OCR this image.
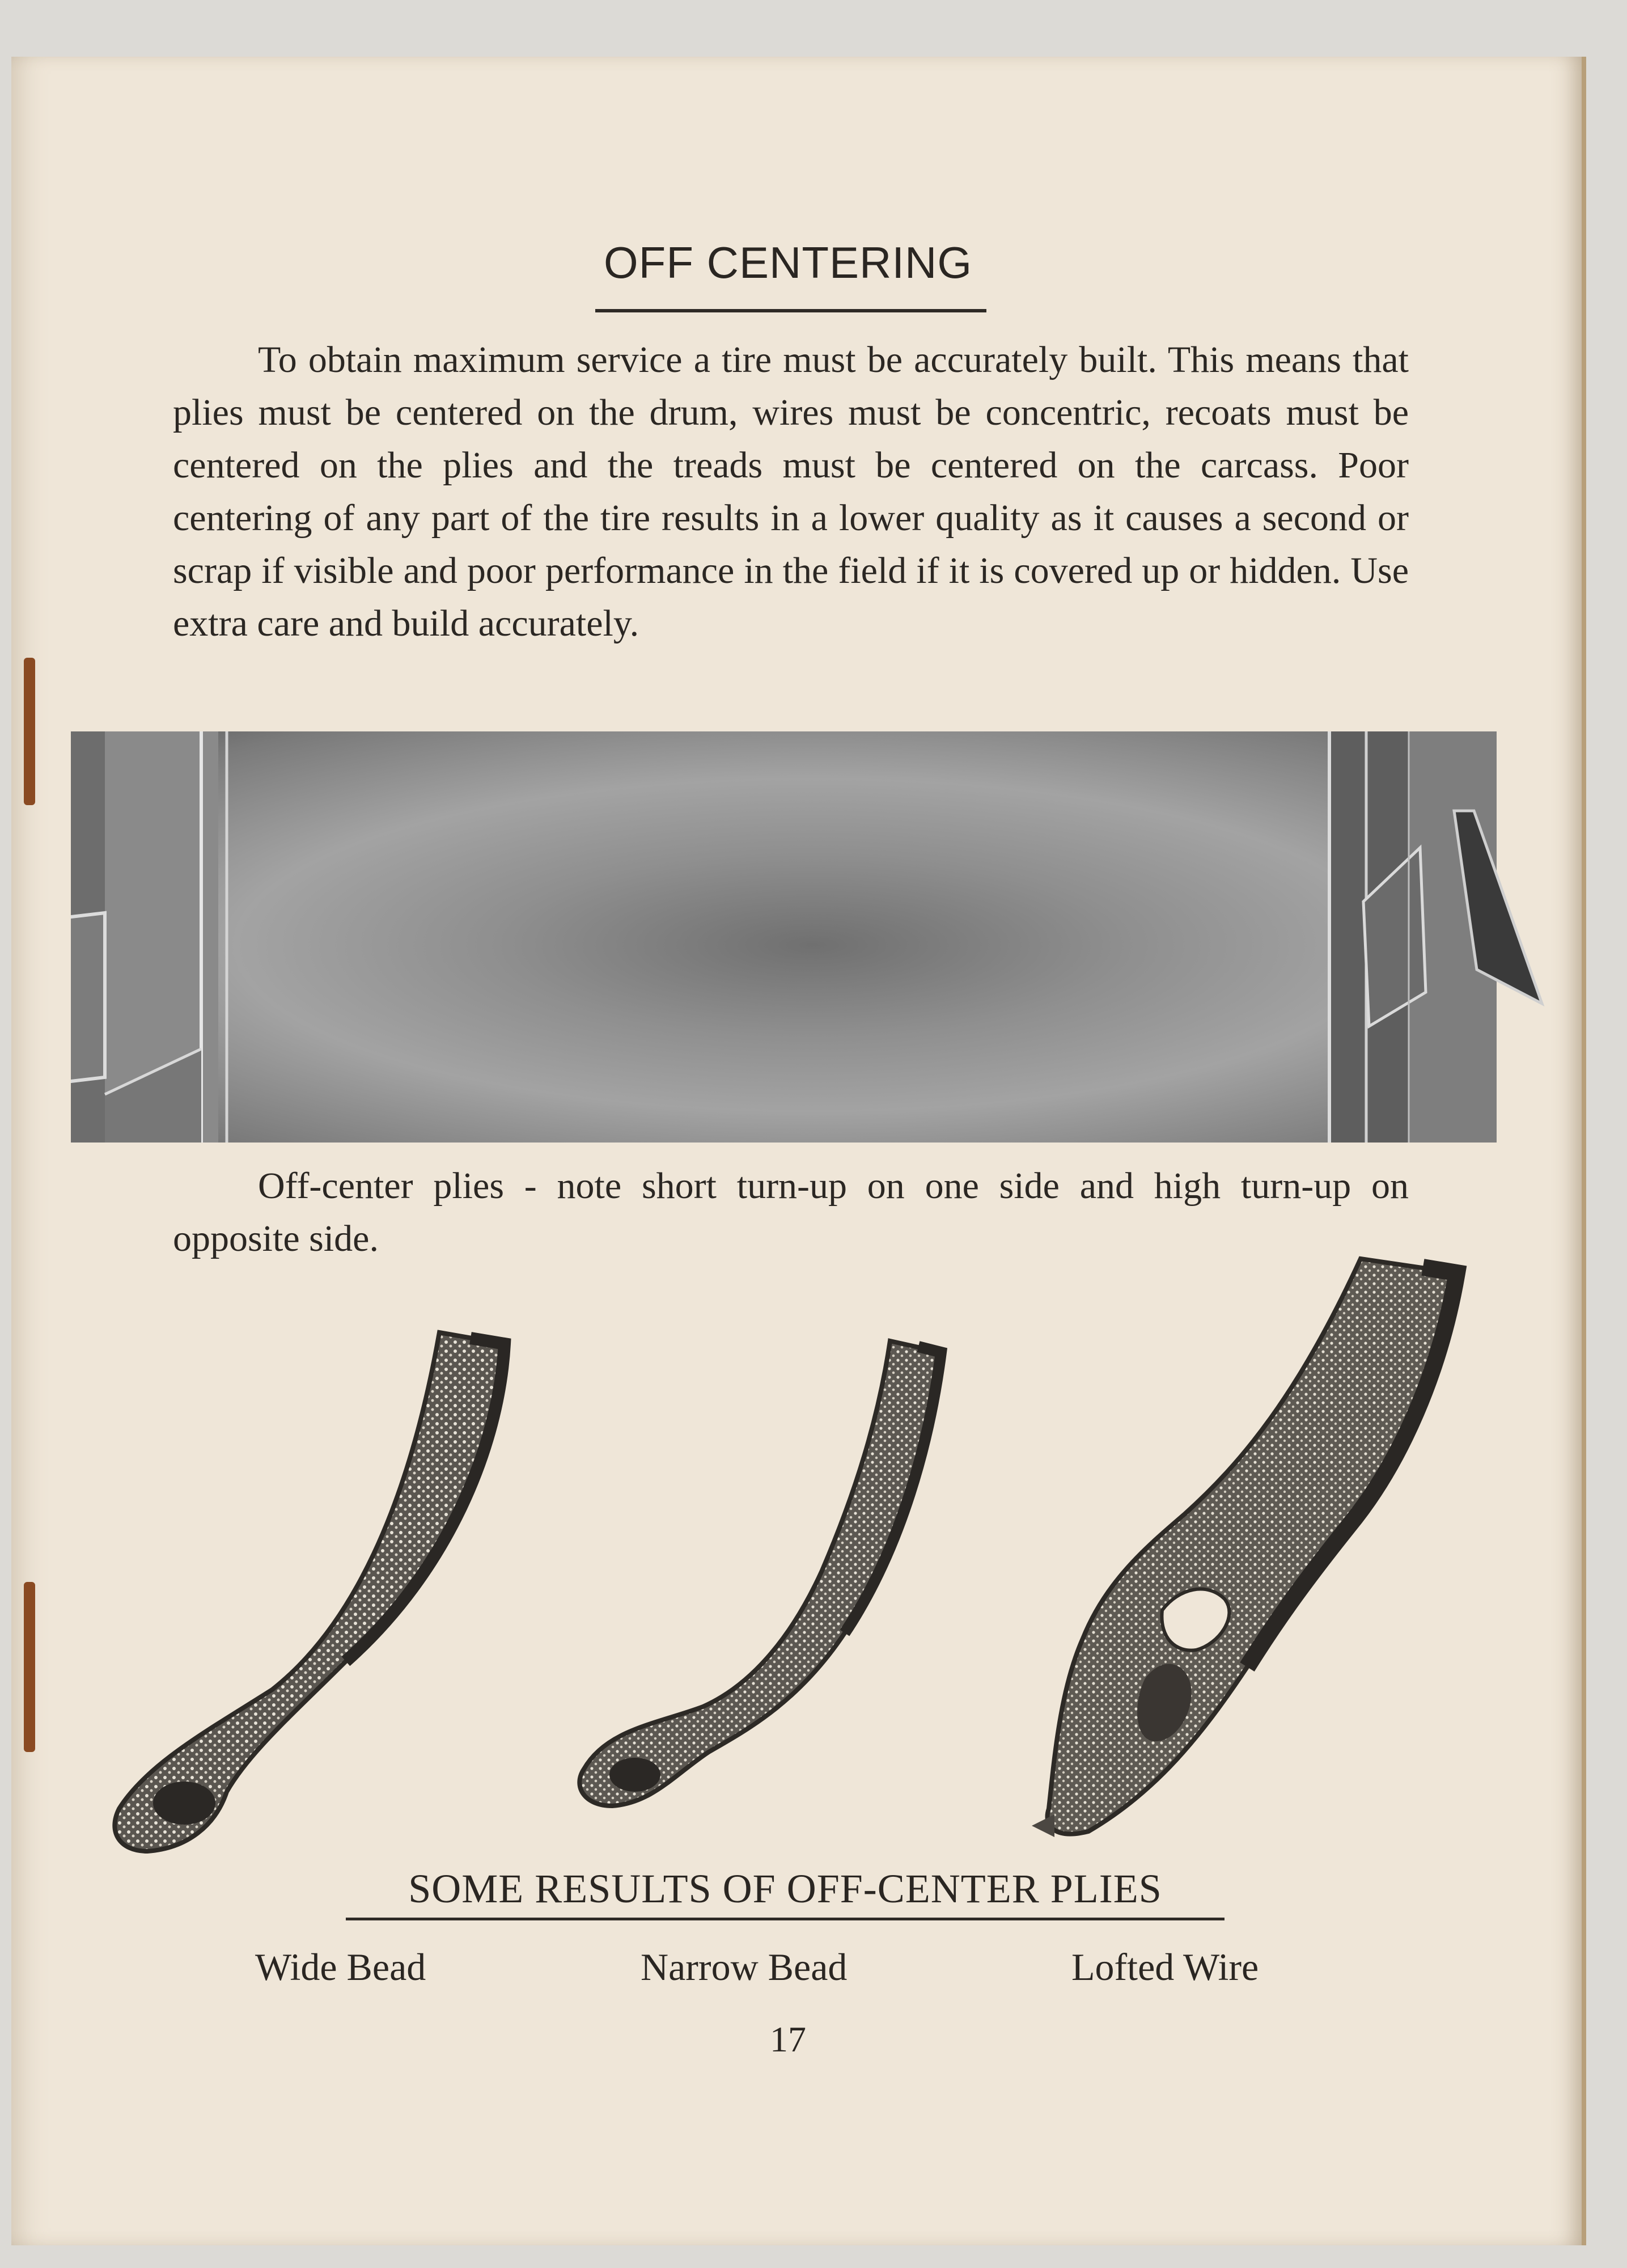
OFF CENTERING
To obtain maximum service a tire must be accurately built. This means that plies must be centered on the drum, wires must be concentric, recoats must be centered on the plies and the treads must be centered on the carcass. Poor centering of any part of the tire results in a lower quality as it causes a second or scrap if visible and poor performance in the field if it is covered up or hidden. Use extra care and build accurately.
Off-center plies - note short turn-up on one side and high turn-up on opposite side.
SOME RESULTS OF OFF-CENTER PLIES
Wide Bead	Narrow Bead	Lofted Wire
17
